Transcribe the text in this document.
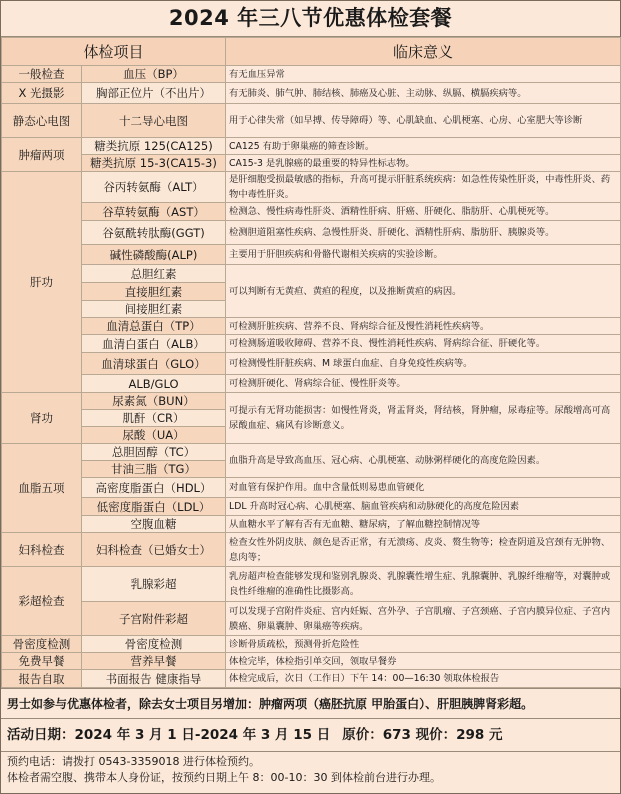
2024 年三八节优惠体检套餐
体检项目		临床意义
一般检查	血压（BP）	有无血压异常
X 光摄影	胸部正位片（不出片）	有无肺炎、肺气肿、肺结核、肺癌及心脏、主动脉、纵膈、横膈疾病等。
静态心电图	十二导心电图	用于心律失常（如早搏、传导障碍）等、心肌缺血、心肌梗塞、心房、心室肥大等诊断
肿瘤两项	糖类抗原 125(CA125)	CA125 有助于卵巢癌的筛查诊断。
	糖类抗原 15-3(CA15-3)	CA15-3 是乳腺癌的最重要的特异性标志物。
肝功	谷丙转氨酶（ALT）	是肝细胞受损最敏感的指标，升高可提示肝脏系统疾病：如急性传染性肝炎，中毒性肝炎、药物中毒性肝炎。
	谷草转氨酶（AST）	检测急、慢性病毒性肝炎、酒精性肝病、肝癌、肝硬化、脂肪肝、心肌梗死等。
	谷氨酰转肽酶(GGT)	检测胆道阻塞性疾病、急慢性肝炎、肝硬化、酒精性肝病、脂肪肝、胰腺炎等。
	碱性磷酸酶(ALP)	主要用于肝胆疾病和骨骼代谢相关疾病的实验诊断。
	总胆红素	可以判断有无黄疸、黄疸的程度，以及推断黄疸的病因。
	直接胆红素	
	间接胆红素	
	血清总蛋白（TP）	可检测肝脏疾病、营养不良、肾病综合征及慢性消耗性疾病等。
	血清白蛋白（ALB）	可检测肠道吸收障碍、营养不良、慢性消耗性疾病、肾病综合征、肝硬化等。
	血清球蛋白（GLO）	可检测慢性肝脏疾病、M 球蛋白血症、自身免疫性疾病等。
	ALB/GLO	可检测肝硬化、肾病综合征、慢性肝炎等。
肾功	尿素氮（BUN）	可提示有无肾功能损害：如慢性肾炎，肾盂肾炎，肾结核，肾肿瘤，尿毒症等。尿酸增高可高尿酸血症、痛风有诊断意义。
	肌酐（CR）	
	尿酸（UA）	
血脂五项	总胆固醇（TC）	血脂升高是导致高血压、冠心病、心肌梗塞、动脉粥样硬化的高度危险因素。
	甘油三脂（TG）	
	高密度脂蛋白（HDL）	对血管有保护作用。血中含量低则易患血管硬化
	低密度脂蛋白（LDL）	LDL 升高时冠心病、心肌梗塞、脑血管疾病和动脉硬化的高度危险因素
	空腹血糖	从血糖水平了解有否有无血糖、糖尿病，了解血糖控制情况等
妇科检查	妇科检查（已婚女士）	检查女性外阴皮肤、颜色是否正常，有无溃疡、皮炎、赘生物等；检查阴道及宫颈有无肿物、息肉等；
彩超检查	乳腺彩超	乳房超声检查能够发现和鉴别乳腺炎、乳腺囊性增生症、乳腺囊肿、乳腺纤维瘤等，对囊肿或良性纤维瘤的准确性比摄影高。
	子宫附件彩超	可以发现子宫附件炎症、宫内妊娠、宫外孕、子宫肌瘤、子宫颈癌、子宫内膜异位症、子宫内膜癌、卵巢囊肿、卵巢癌等疾病。
骨密度检测	骨密度检测	诊断骨质疏松，预测骨折危险性
免费早餐	营养早餐	体检完毕，体检指引单交回，领取早餐券
报告自取	书面报告 健康指导	体检完成后，次日（工作日）下午 14：00—16:30 领取体检报告
男士如参与优惠体检者，除去女士项目另增加：肿瘤两项（癌胚抗原 甲胎蛋白）、肝胆胰脾肾彩超。
活动日期：2024 年 3 月 1 日-2024 年 3 月 15 日 原价：673 现价：298 元
预约电话：请拨打 0543-3359018 进行体检预约。
体检者需空腹、携带本人身份证，按预约日期上午 8：00-10：30 到体检前台进行办理。
